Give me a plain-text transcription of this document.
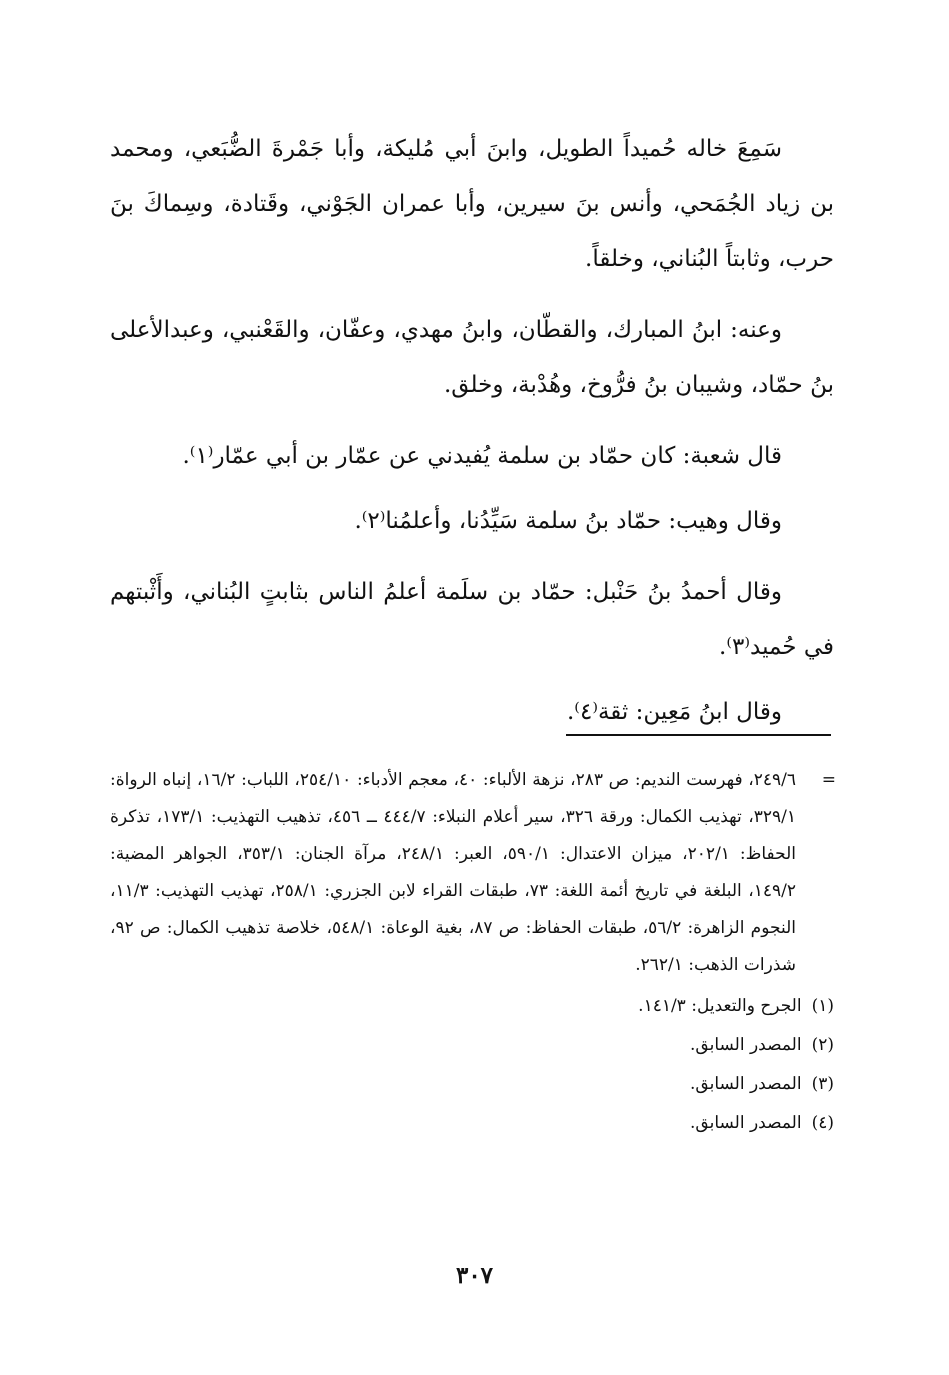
سَمِعَ خاله حُميداً الطويل، وابنَ أبي مُليكة، وأبا جَمْرةَ الضُّبَعي، ومحمد بن زياد الجُمَحي، وأنس بنَ سيرين، وأبا عمران الجَوْني، وقَتادة، وسِماكَ بنَ حرب، وثابتاً البُناني، وخلقاً.

وعنه: ابنُ المبارك، والقطّان، وابنُ مهدي، وعفّان، والقَعْنبي، وعبدالأعلى بنُ حمّاد، وشيبان بنُ فرُّوخ، وهُدْبة، وخلق.

قال شعبة: كان حمّاد بن سلمة يُفيدني عن عمّار بن أبي عمّار⁽١⁾.

وقال وهيب: حمّاد بنُ سلمة سَيِّدُنا، وأعلمُنا⁽٢⁾.

وقال أحمدُ بنُ حَنْبل: حمّاد بن سلَمة أعلمُ الناس بثابتٍ البُناني، وأَثْبتهم في حُميد⁽٣⁾.

وقال ابنُ مَعِين: ثقة⁽٤⁾.

=
٢٤٩/٦، فهرست النديم: ص ٢٨٣، نزهة الألباء: ٤٠، معجم الأدباء: ٢٥٤/١٠، اللباب: ١٦/٢، إنباه الرواة: ٣٢٩/١، تهذيب الكمال: ورقة ٣٢٦، سير أعلام النبلاء: ٤٤٤/٧ ــ ٤٥٦، تذهيب التهذيب: ١٧٣/١، تذكرة الحفاظ: ٢٠٢/١، ميزان الاعتدال: ٥٩٠/١، العبر: ٢٤٨/١، مرآة الجنان: ٣٥٣/١، الجواهر المضية: ١٤٩/٢، البلغة في تاريخ أئمة اللغة: ٧٣، طبقات القراء لابن الجزري: ٢٥٨/١، تهذيب التهذيب: ١١/٣، النجوم الزاهرة: ٥٦/٢، طبقات الحفاظ: ص ٨٧، بغية الوعاة: ٥٤٨/١، خلاصة تذهيب الكمال: ص ٩٢، شذرات الذهب: ٢٦٢/١.
(١)الجرح والتعديل: ١٤١/٣.
(٢)المصدر السابق.
(٣)المصدر السابق.
(٤)المصدر السابق.
٣٠٧
